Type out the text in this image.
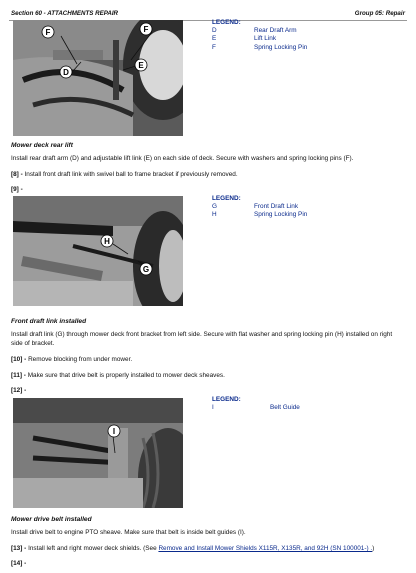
Section 60 - ATTACHMENTS REPAIR	Group 05: Repair
F	F
D
E
LEGEND:
D	Rear Draft Arm
E	Lift Link
F	Spring Locking Pin
Mower deck rear lift
Install rear draft arm (D) and adjustable lift link (E) on each side of deck. Secure with washers and spring locking pins (F).
[8] - Install front draft link with swivel ball to frame bracket if previously removed.
[9] -
H
G
LEGEND:
G	Front Draft Link
H	Spring Locking Pin
Front draft link installed
Install draft link (G) through mower deck front bracket from left side. Secure with flat washer and spring locking pin (H) installed on right side of bracket.
[10] - Remove blocking from under mower.
[11] - Make sure that drive belt is properly installed to mower deck sheaves.
[12] -
I
LEGEND:
I	Belt Guide
Mower drive belt installed
Install drive belt to engine PTO sheave. Make sure that belt is inside belt guides (I).
[13] - Install left and right mower deck shields. (See Remove and Install Mower Shields X115R, X135R, and 92H (SN 100001-) .)
[14] -
